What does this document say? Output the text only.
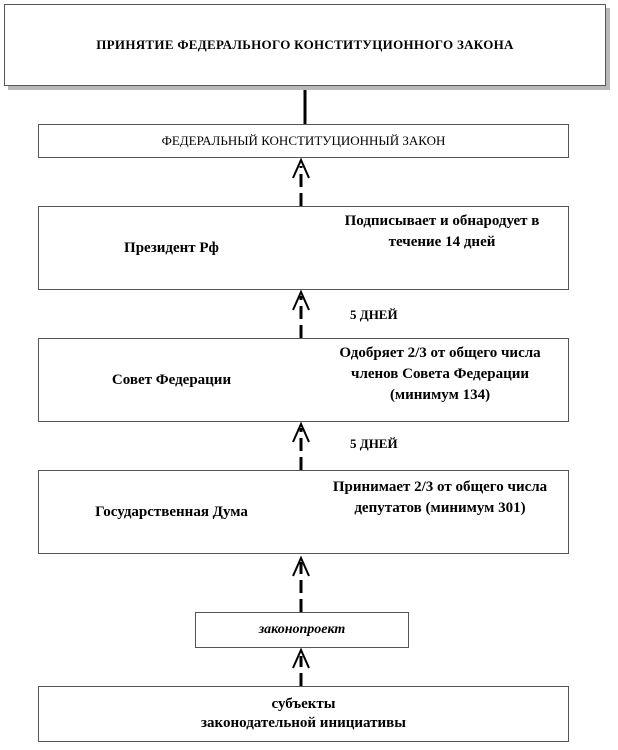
ПРИНЯТИЕ ФЕДЕРАЛЬНОГО КОНСТИТУЦИОННОГО ЗАКОНА
ФЕДЕРАЛЬНЫЙ КОНСТИТУЦИОННЫЙ ЗАКОН
Президент Рф
Подписывает и обнародует в
течение 14 дней
5 ДНЕЙ
Совет Федерации
Одобряет 2/3 от общего числа
членов Совета Федерации
(минимум 134)
5 ДНЕЙ
Государственная Дума
Принимает 2/3 от общего числа
депутатов (минимум 301)
законопроект
субъекты
законодательной инициативы
